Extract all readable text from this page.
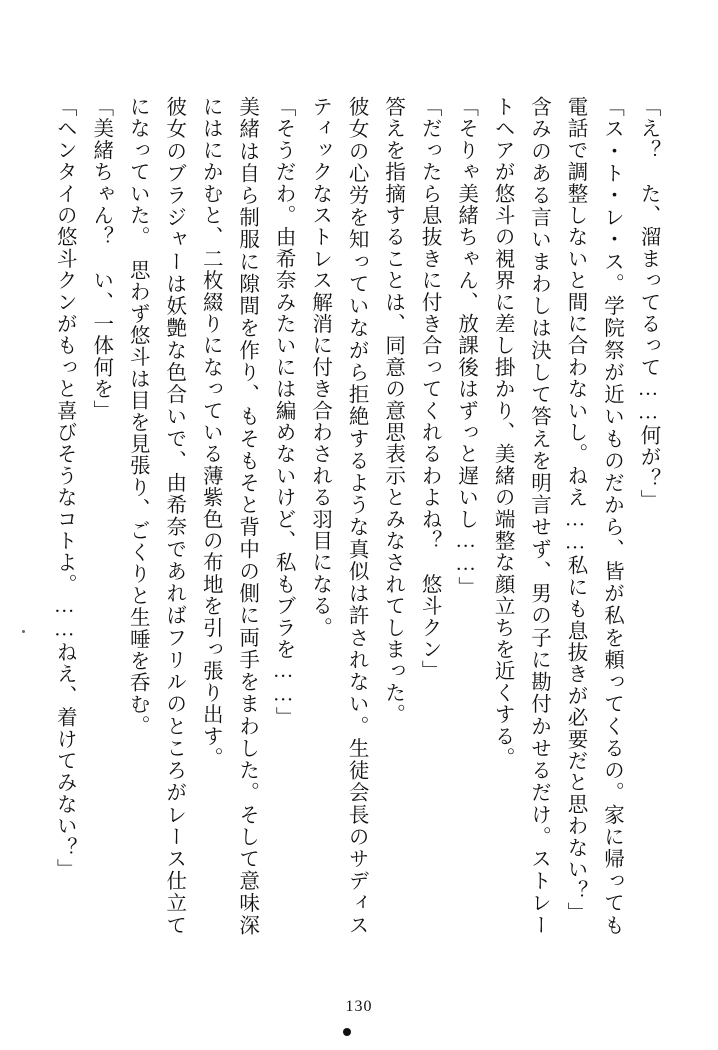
「え？　た、溜まってるって……何が？」

「ス・ト・レ・ス。学院祭が近いものだから、皆が私を頼ってくるの。家に帰っても電話で調整しないと間に合わないし。ねえ……私にも息抜きが必要だと思わない？」

含みのある言いまわしは決して答えを明言せず、男の子に勘付かせるだけ。ストレートヘアが悠斗の視界に差し掛かり、美緒の端整な顔立ちを近くする。

「そりゃ美緒ちゃん、放課後はずっと遅いし……」

「だったら息抜きに付き合ってくれるわよね？　悠斗クン」

答えを指摘することは、同意の意思表示とみなされてしまった。

彼女の心労を知っていながら拒絶するような真似は許されない。生徒会長のサディスティックなストレス解消に付き合わされる羽目になる。

「そうだわ。由希奈みたいには編めないけど、私もブラを……」

美緒は自ら制服に隙間を作り、もそもそと背中の側に両手をまわした。そして意味深にはにかむと、二枚綴りになっている薄紫色の布地を引っ張り出す。

彼女のブラジャーは妖艶な色合いで、由希奈であればフリルのところがレース仕立てになっていた。　思わず悠斗は目を見張り、ごくりと生唾を呑む。

「美緒ちゃん？　い、一体何を」

「ヘンタイの悠斗クンがもっと喜びそうなコトよ。……ねえ、着けてみない？」

130
